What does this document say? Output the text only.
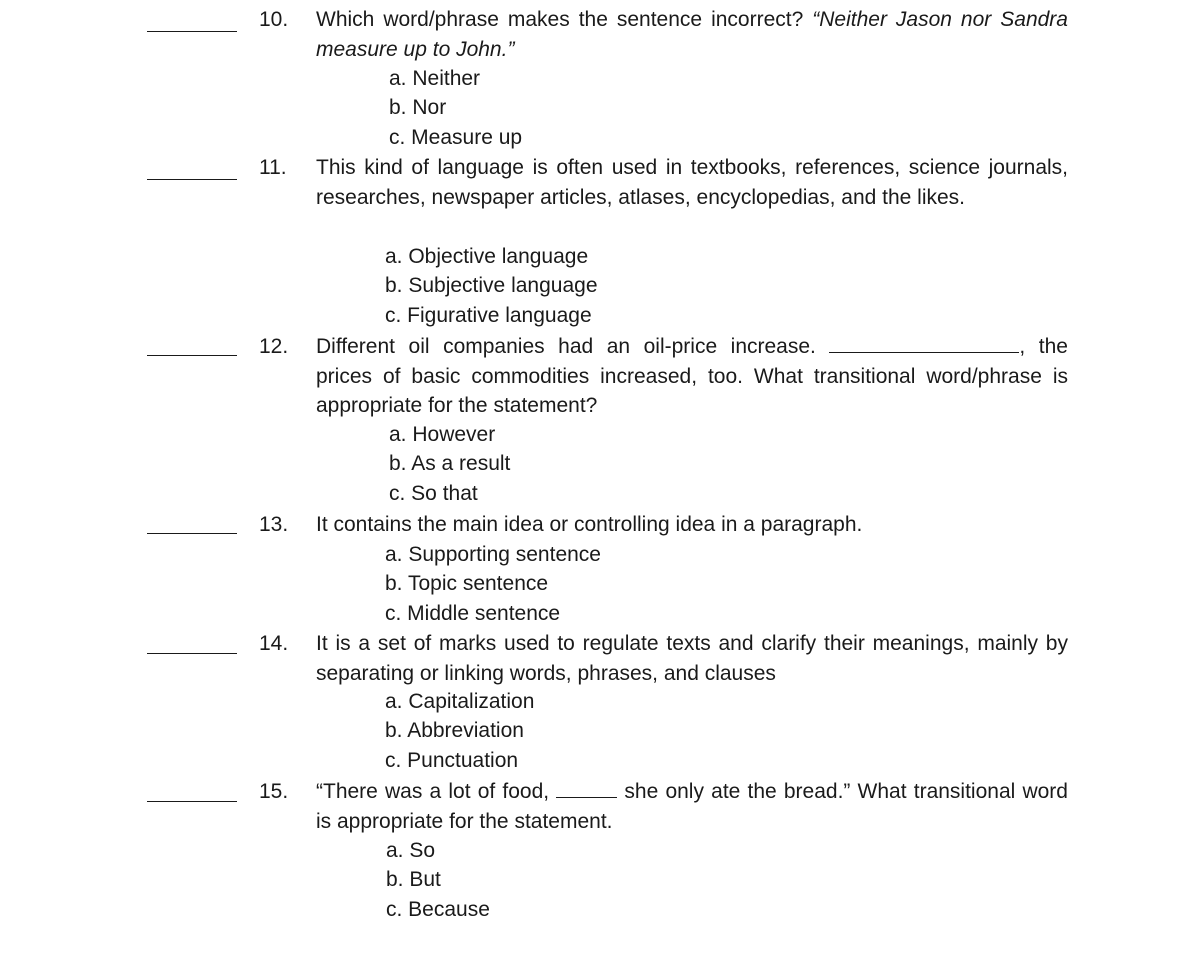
10. Which word/phrase makes the sentence incorrect? “Neither Jason nor Sandra measure up to John.”
a. Neither
b. Nor
c. Measure up
11. This kind of language is often used in textbooks, references, science journals, researches, newspaper articles, atlases, encyclopedias, and the likes.
a. Objective language
b. Subjective language
c. Figurative language
12. Different oil companies had an oil-price increase.	, the prices of basic commodities increased, too. What transitional word/phrase is appropriate for the statement?
a. However
b. As a result
c. So that
13. It contains the main idea or controlling idea in a paragraph.
a. Supporting sentence
b. Topic sentence
c. Middle sentence
14. It is a set of marks used to regulate texts and clarify their meanings, mainly by separating or linking words, phrases, and clauses
a. Capitalization
b. Abbreviation
c. Punctuation
15. “There was a lot of food,	she only ate the bread.” What transitional word is appropriate for the statement.
a. So
b. But
c. Because
